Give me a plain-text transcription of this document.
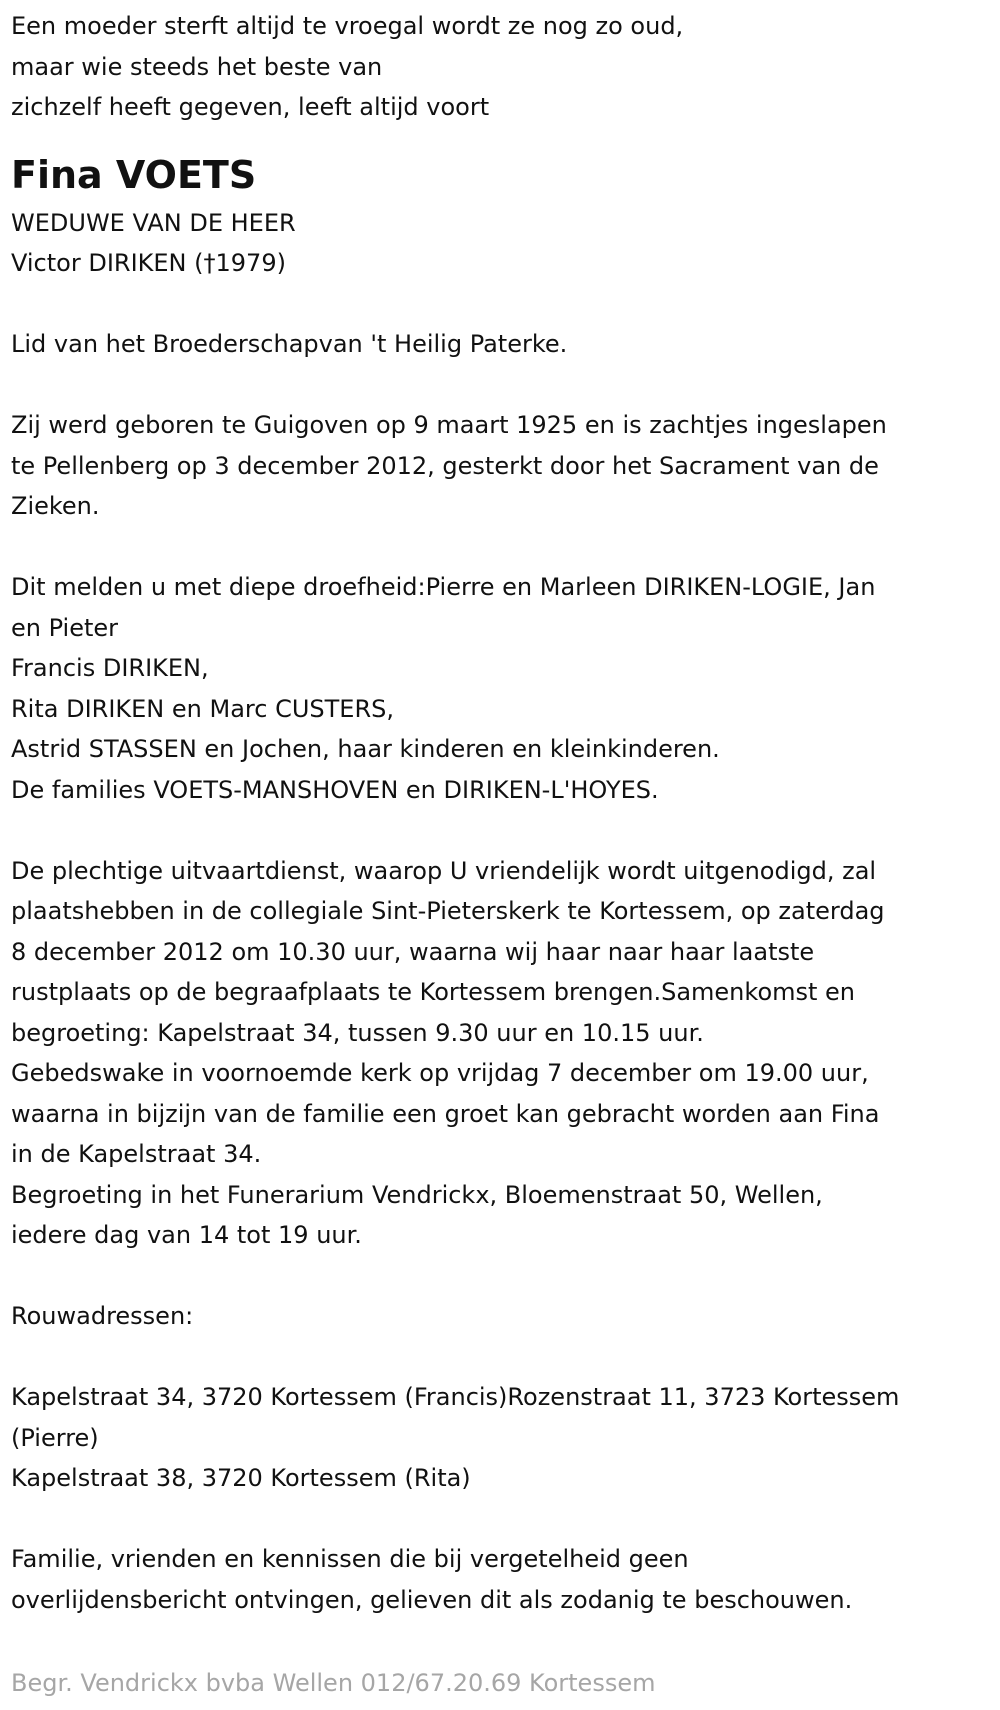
Een moeder sterft altijd te vroegal wordt ze nog zo oud,

maar wie steeds het beste van

zichzelf heeft gegeven, leeft altijd voort

Fina VOETS

WEDUWE VAN DE HEER

Victor DIRIKEN (†1979)

Lid van het Broederschapvan 't Heilig Paterke.

Zij werd geboren te Guigoven op 9 maart 1925 en is zachtjes ingeslapen

te Pellenberg op 3 december 2012, gesterkt door het Sacrament van de

Zieken.

Dit melden u met diepe droefheid:Pierre en Marleen DIRIKEN-LOGIE, Jan

en Pieter

Francis DIRIKEN,

Rita DIRIKEN en Marc CUSTERS,

Astrid STASSEN en Jochen, haar kinderen en kleinkinderen.

De families VOETS-MANSHOVEN en DIRIKEN-L'HOYES.

De plechtige uitvaartdienst, waarop U vriendelijk wordt uitgenodigd, zal

plaatshebben in de collegiale Sint-Pieterskerk te Kortessem, op zaterdag

8 december 2012 om 10.30 uur, waarna wij haar naar haar laatste

rustplaats op de begraafplaats te Kortessem brengen.Samenkomst en

begroeting: Kapelstraat 34, tussen 9.30 uur en 10.15 uur.

Gebedswake in voornoemde kerk op vrijdag 7 december om 19.00 uur,

waarna in bijzijn van de familie een groet kan gebracht worden aan Fina

in de Kapelstraat 34.

Begroeting in het Funerarium Vendrickx, Bloemenstraat 50, Wellen,

iedere dag van 14 tot 19 uur.

Rouwadressen:

Kapelstraat 34, 3720 Kortessem (Francis)Rozenstraat 11, 3723 Kortessem

(Pierre)

Kapelstraat 38, 3720 Kortessem (Rita)

Familie, vrienden en kennissen die bij vergetelheid geen

overlijdensbericht ontvingen, gelieven dit als zodanig te beschouwen.

Begr. Vendrickx bvba Wellen 012/67.20.69 Kortessem
